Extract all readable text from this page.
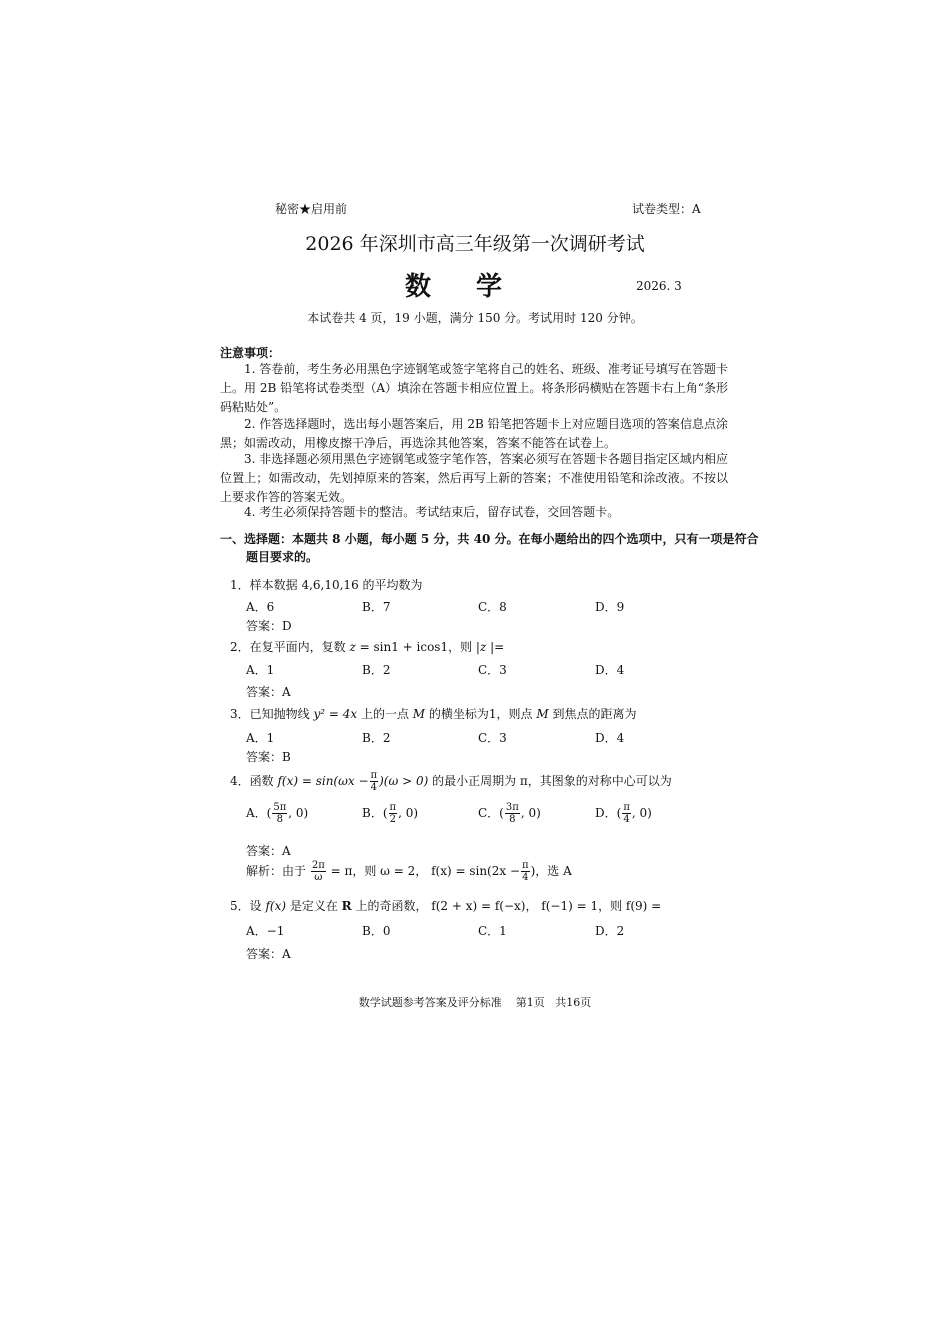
秘密★启用前	试卷类型：A
2026 年深圳市高三年级第一次调研考试
数 学	2026. 3
本试卷共 4 页，19 小题，满分 150 分。考试用时 120 分钟。
注意事项：
1. 答卷前，考生务必用黑色字迹钢笔或签字笔将自己的姓名、班级、准考证号填写在答题卡上。用 2B 铅笔将试卷类型（A）填涂在答题卡相应位置上。将条形码横贴在答题卡右上角“条形码粘贴处”。
2. 作答选择题时，选出每小题答案后，用 2B 铅笔把答题卡上对应题目选项的答案信息点涂黑；如需改动，用橡皮擦干净后，再选涂其他答案，答案不能答在试卷上。
3. 非选择题必须用黑色字迹钢笔或签字笔作答，答案必须写在答题卡各题目指定区域内相应位置上；如需改动，先划掉原来的答案，然后再写上新的答案；不准使用铅笔和涂改液。不按以上要求作答的答案无效。
4. 考生必须保持答题卡的整洁。考试结束后，留存试卷，交回答题卡。
一、选择题：本题共 8 小题，每小题 5 分，共 40 分。在每小题给出的四个选项中，只有一项是符合
题目要求的。
1．样本数据 4,6,10,16 的平均数为
A．6	B．7	C．8	D．9
答案：D
2．在复平面内，复数 z = sin1 + icos1，则 |z |=
A．1	B．2	C．3	D．4
答案：A
3．已知抛物线 y² = 4x 上的一点 M 的横坐标为1，则点 M 到焦点的距离为
A．1	B．2	C．3	D．4
答案：B
4．函数 $f(x) = \sin(\omega x - \frac{\pi}{4} )(\omega > 0)$ 的最小正周期为 π，其图象的对称中心可以为
A．( $\frac{5\pi}{8}$ , 0)	B．( $\frac{\pi}{2}$ , 0)	C．( $\frac{3\pi}{8}$ , 0)	D．( $\frac{\pi}{4}$ , 0)
答案：A
解析：由于 $\frac{2\pi}{\omega} = \pi$，则 ω = 2， $f(x) = \sin(2x - \frac{\pi}{4}$ )，选 A
5．设 f(x) 是定义在 R 上的奇函数， f(2 + x) = f(−x)， f(−1) = 1，则 f(9) =
A．−1	B．0	C．1	D．2
答案：A
数学试题参考答案及评分标准    第1页   共16页
